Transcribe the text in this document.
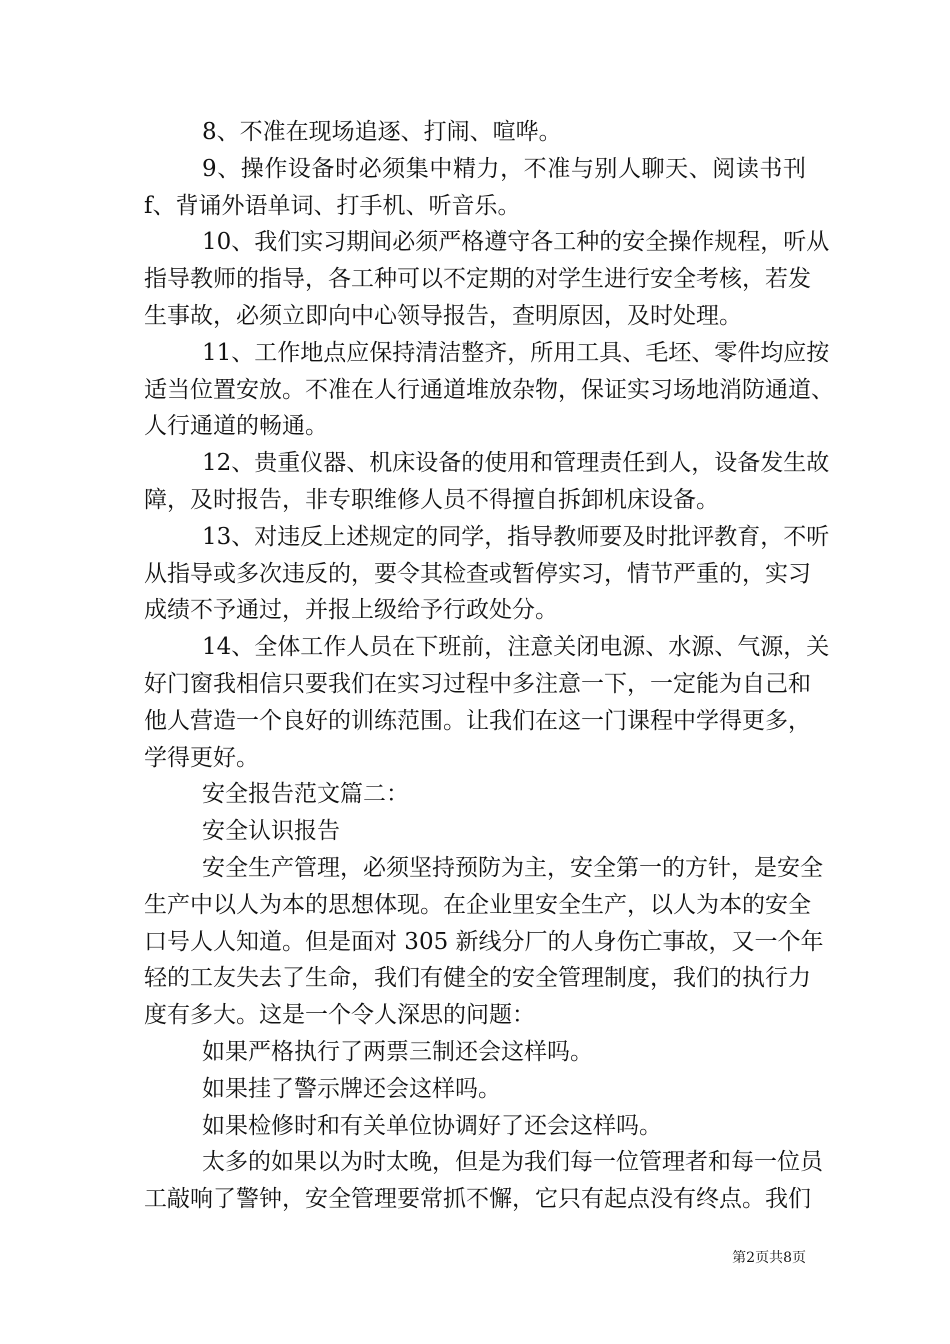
8、不准在现场追逐、打闹、喧哗。
9、操作设备时必须集中精力，不准与别人聊天、阅读书刊
f、背诵外语单词、打手机、听音乐。
10、我们实习期间必须严格遵守各工种的安全操作规程，听从
指导教师的指导，各工种可以不定期的对学生进行安全考核，若发
生事故，必须立即向中心领导报告，查明原因，及时处理。
11、工作地点应保持清洁整齐，所用工具、毛坯、零件均应按
适当位置安放。不准在人行通道堆放杂物，保证实习场地消防通道、
人行通道的畅通。
12、贵重仪器、机床设备的使用和管理责任到人，设备发生故
障，及时报告，非专职维修人员不得擅自拆卸机床设备。
13、对违反上述规定的同学，指导教师要及时批评教育，不听
从指导或多次违反的，要令其检查或暂停实习，情节严重的，实习
成绩不予通过，并报上级给予行政处分。
14、全体工作人员在下班前，注意关闭电源、水源、气源，关
好门窗我相信只要我们在实习过程中多注意一下，一定能为自己和
他人营造一个良好的训练范围。让我们在这一门课程中学得更多，
学得更好。
安全报告范文篇二：
安全认识报告
安全生产管理，必须坚持预防为主，安全第一的方针，是安全
生产中以人为本的思想体现。在企业里安全生产，以人为本的安全
口号人人知道。但是面对 305 新线分厂的人身伤亡事故，又一个年
轻的工友失去了生命，我们有健全的安全管理制度，我们的执行力
度有多大。这是一个令人深思的问题：
如果严格执行了两票三制还会这样吗。
如果挂了警示牌还会这样吗。
如果检修时和有关单位协调好了还会这样吗。
太多的如果以为时太晚，但是为我们每一位管理者和每一位员
工敲响了警钟，安全管理要常抓不懈，它只有起点没有终点。我们
第2页共8页
